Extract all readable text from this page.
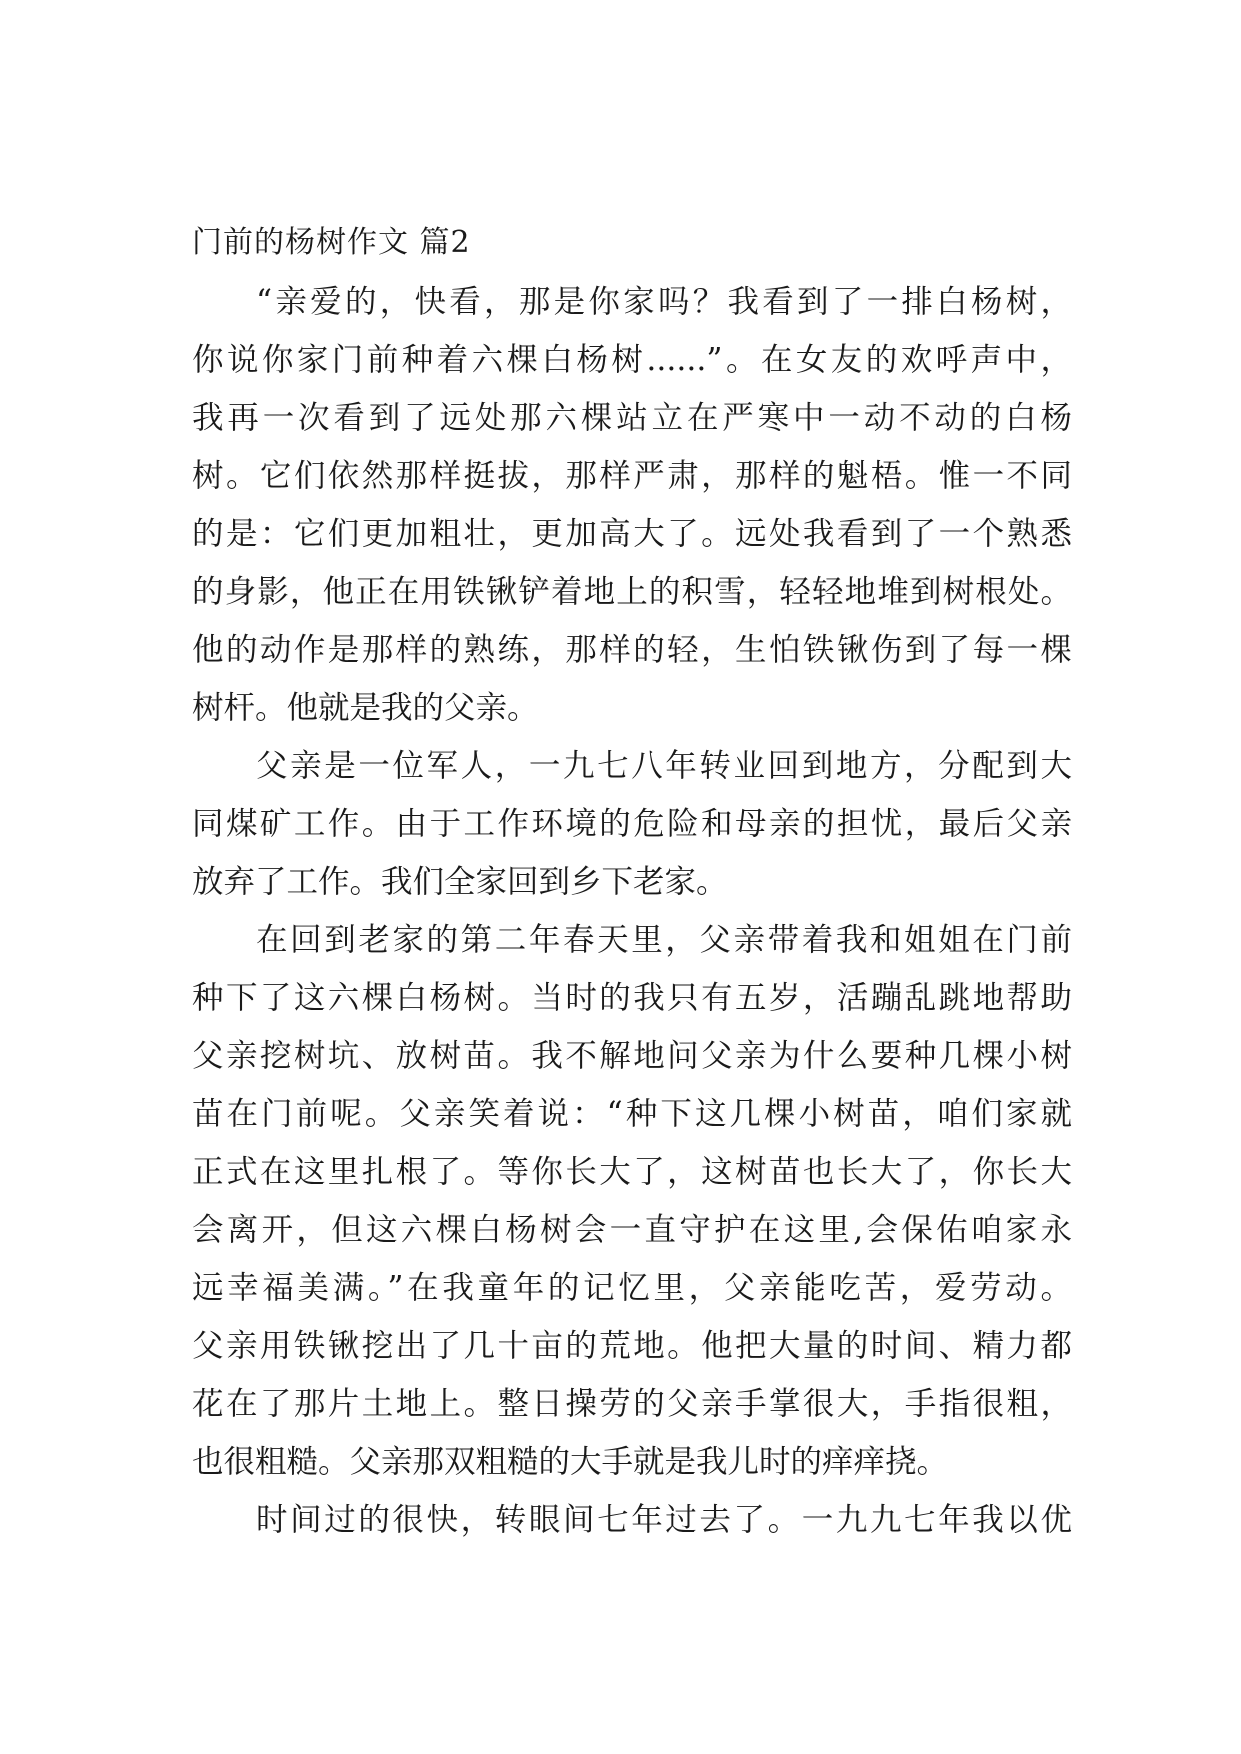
门前的杨树作文 篇2
“亲爱的，快看，那是你家吗？我看到了一排白杨树，
你说你家门前种着六棵白杨树......”。在女友的欢呼声中，
我再一次看到了远处那六棵站立在严寒中一动不动的白杨
树。它们依然那样挺拔，那样严肃，那样的魁梧。惟一不同
的是：它们更加粗壮，更加高大了。远处我看到了一个熟悉
的身影，他正在用铁锹铲着地上的积雪，轻轻地堆到树根处。
他的动作是那样的熟练，那样的轻，生怕铁锹伤到了每一棵
树杆。他就是我的父亲。
父亲是一位军人，一九七八年转业回到地方，分配到大
同煤矿工作。由于工作环境的危险和母亲的担忧，最后父亲
放弃了工作。我们全家回到乡下老家。
在回到老家的第二年春天里，父亲带着我和姐姐在门前
种下了这六棵白杨树。当时的我只有五岁，活蹦乱跳地帮助
父亲挖树坑、放树苗。我不解地问父亲为什么要种几棵小树
苗在门前呢。父亲笑着说：“种下这几棵小树苗，咱们家就
正式在这里扎根了。等你长大了，这树苗也长大了，你长大
会离开，但这六棵白杨树会一直守护在这里,会保佑咱家永
远幸福美满。”在我童年的记忆里，父亲能吃苦，爱劳动。
父亲用铁锹挖出了几十亩的荒地。他把大量的时间、精力都
花在了那片土地上。整日操劳的父亲手掌很大，手指很粗，
也很粗糙。父亲那双粗糙的大手就是我儿时的痒痒挠。
时间过的很快，转眼间七年过去了。一九九七年我以优
